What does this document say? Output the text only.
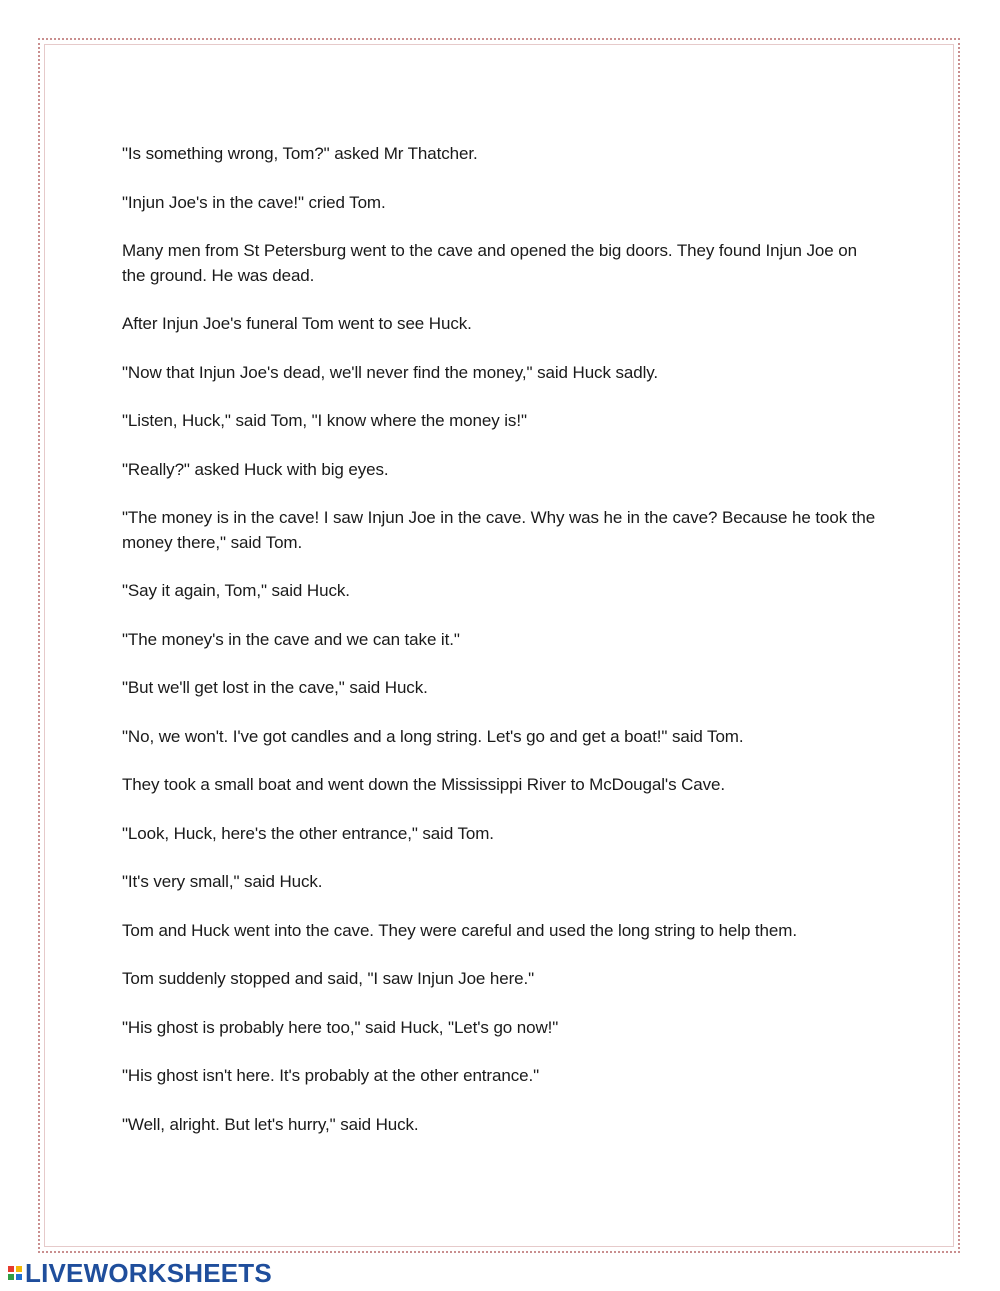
"Is something wrong, Tom?" asked Mr Thatcher.

"Injun Joe's in the cave!" cried Tom.

Many men from St Petersburg went to the cave and opened the big doors. They found Injun Joe on the ground. He was dead.

After Injun Joe's funeral Tom went to see Huck.

"Now that Injun Joe's dead, we'll never find the money," said Huck sadly.

"Listen, Huck," said Tom, "I know where the money is!"

"Really?" asked Huck with big eyes.

"The money is in the cave! I saw Injun Joe in the cave. Why was he in the cave? Because he took the money there," said Tom.

"Say it again, Tom," said Huck.

"The money's in the cave and we can take it."

"But we'll get lost in the cave," said Huck.

"No, we won't. I've got candles and a long string. Let's go and get a boat!" said Tom.

They took a small boat and went down the Mississippi River to McDougal's Cave.

"Look, Huck, here's the other entrance," said Tom.

"It's very small," said Huck.

Tom and Huck went into the cave. They were careful and used the long string to help them.

Tom suddenly stopped and said, "I saw Injun Joe here."

"His ghost is probably here too," said Huck, "Let's go now!"

"His ghost isn't here. It's probably at the other entrance."

"Well, alright. But let's hurry," said Huck.

LIVEWORKSHEETS
